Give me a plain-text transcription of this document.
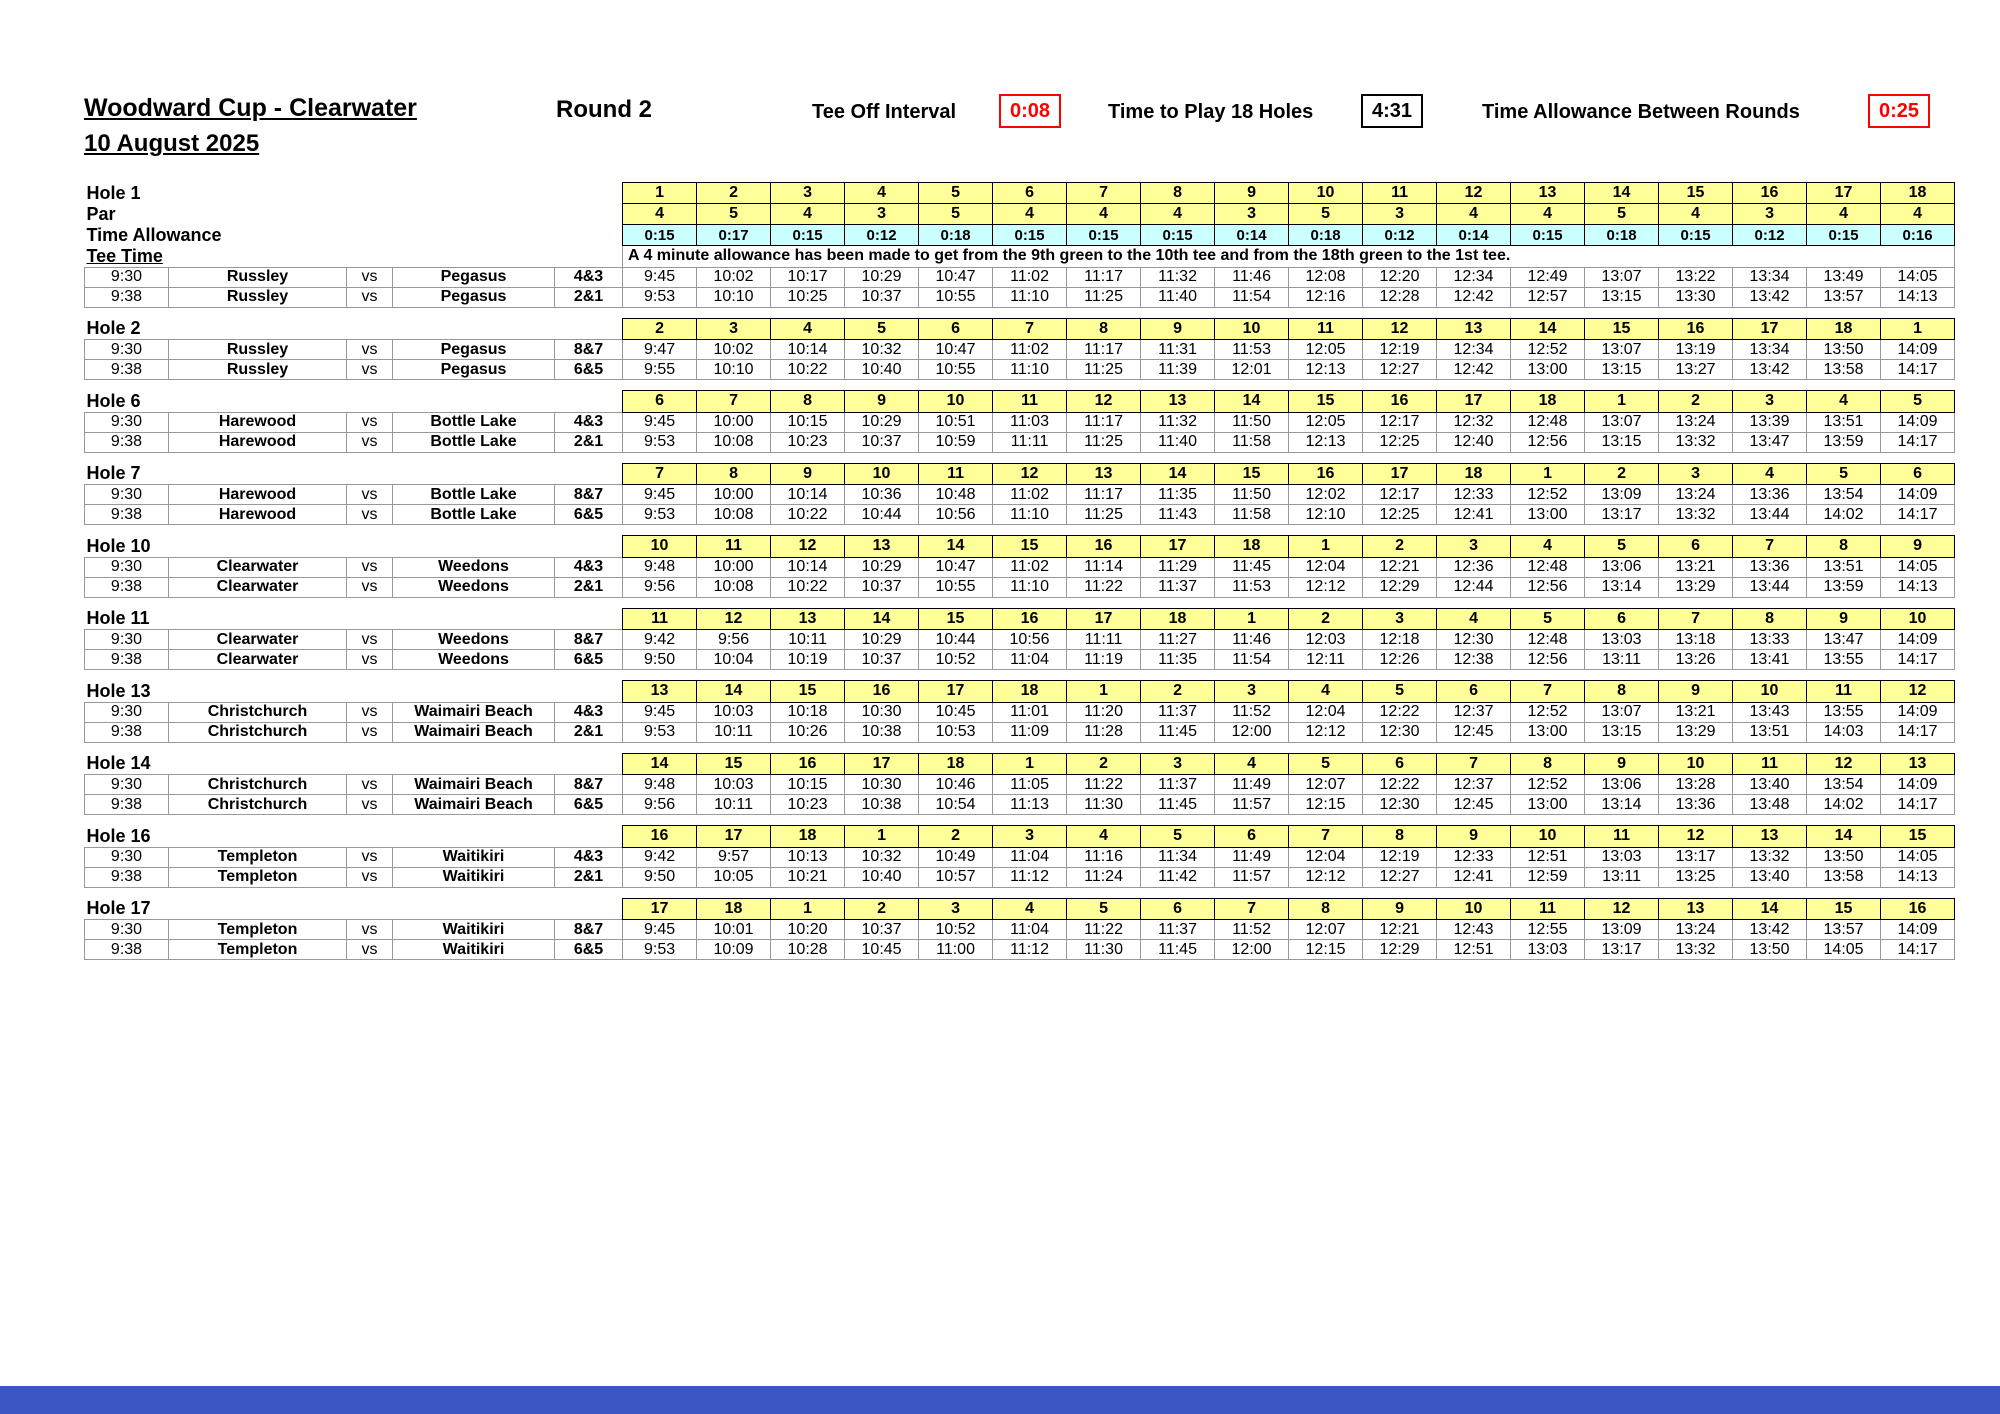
Woodward Cup - Clearwater
10 August 2025
Round 2	Tee Off Interval	0:08	Time to Play 18 Holes	4:31	Time Allowance Between Rounds	0:25
Hole 1					1	2	3	4	5	6	7	8	9	10	11	12	13	14	15	16	17	18
Par					4	5	4	3	5	4	4	4	3	5	3	4	4	5	4	3	4	4
Time Allowance					0:15	0:17	0:15	0:12	0:18	0:15	0:15	0:15	0:14	0:18	0:12	0:14	0:15	0:18	0:15	0:12	0:15	0:16
Tee Time					A 4 minute allowance has been made to get from the 9th green to the 10th tee and from the 18th green to the 1st tee.																	
9:30	Russley	vs	Pegasus	4&3	9:45	10:02	10:17	10:29	10:47	11:02	11:17	11:32	11:46	12:08	12:20	12:34	12:49	13:07	13:22	13:34	13:49	14:05
9:38	Russley	vs	Pegasus	2&1	9:53	10:10	10:25	10:37	10:55	11:10	11:25	11:40	11:54	12:16	12:28	12:42	12:57	13:15	13:30	13:42	13:57	14:13

Hole 2					2	3	4	5	6	7	8	9	10	11	12	13	14	15	16	17	18	1
9:30	Russley	vs	Pegasus	8&7	9:47	10:02	10:14	10:32	10:47	11:02	11:17	11:31	11:53	12:05	12:19	12:34	12:52	13:07	13:19	13:34	13:50	14:09
9:38	Russley	vs	Pegasus	6&5	9:55	10:10	10:22	10:40	10:55	11:10	11:25	11:39	12:01	12:13	12:27	12:42	13:00	13:15	13:27	13:42	13:58	14:17

Hole 6					6	7	8	9	10	11	12	13	14	15	16	17	18	1	2	3	4	5
9:30	Harewood	vs	Bottle Lake	4&3	9:45	10:00	10:15	10:29	10:51	11:03	11:17	11:32	11:50	12:05	12:17	12:32	12:48	13:07	13:24	13:39	13:51	14:09
9:38	Harewood	vs	Bottle Lake	2&1	9:53	10:08	10:23	10:37	10:59	11:11	11:25	11:40	11:58	12:13	12:25	12:40	12:56	13:15	13:32	13:47	13:59	14:17

Hole 7					7	8	9	10	11	12	13	14	15	16	17	18	1	2	3	4	5	6
9:30	Harewood	vs	Bottle Lake	8&7	9:45	10:00	10:14	10:36	10:48	11:02	11:17	11:35	11:50	12:02	12:17	12:33	12:52	13:09	13:24	13:36	13:54	14:09
9:38	Harewood	vs	Bottle Lake	6&5	9:53	10:08	10:22	10:44	10:56	11:10	11:25	11:43	11:58	12:10	12:25	12:41	13:00	13:17	13:32	13:44	14:02	14:17

Hole 10					10	11	12	13	14	15	16	17	18	1	2	3	4	5	6	7	8	9
9:30	Clearwater	vs	Weedons	4&3	9:48	10:00	10:14	10:29	10:47	11:02	11:14	11:29	11:45	12:04	12:21	12:36	12:48	13:06	13:21	13:36	13:51	14:05
9:38	Clearwater	vs	Weedons	2&1	9:56	10:08	10:22	10:37	10:55	11:10	11:22	11:37	11:53	12:12	12:29	12:44	12:56	13:14	13:29	13:44	13:59	14:13

Hole 11					11	12	13	14	15	16	17	18	1	2	3	4	5	6	7	8	9	10
9:30	Clearwater	vs	Weedons	8&7	9:42	9:56	10:11	10:29	10:44	10:56	11:11	11:27	11:46	12:03	12:18	12:30	12:48	13:03	13:18	13:33	13:47	14:09
9:38	Clearwater	vs	Weedons	6&5	9:50	10:04	10:19	10:37	10:52	11:04	11:19	11:35	11:54	12:11	12:26	12:38	12:56	13:11	13:26	13:41	13:55	14:17

Hole 13					13	14	15	16	17	18	1	2	3	4	5	6	7	8	9	10	11	12
9:30	Christchurch	vs	Waimairi Beach	4&3	9:45	10:03	10:18	10:30	10:45	11:01	11:20	11:37	11:52	12:04	12:22	12:37	12:52	13:07	13:21	13:43	13:55	14:09
9:38	Christchurch	vs	Waimairi Beach	2&1	9:53	10:11	10:26	10:38	10:53	11:09	11:28	11:45	12:00	12:12	12:30	12:45	13:00	13:15	13:29	13:51	14:03	14:17

Hole 14					14	15	16	17	18	1	2	3	4	5	6	7	8	9	10	11	12	13
9:30	Christchurch	vs	Waimairi Beach	8&7	9:48	10:03	10:15	10:30	10:46	11:05	11:22	11:37	11:49	12:07	12:22	12:37	12:52	13:06	13:28	13:40	13:54	14:09
9:38	Christchurch	vs	Waimairi Beach	6&5	9:56	10:11	10:23	10:38	10:54	11:13	11:30	11:45	11:57	12:15	12:30	12:45	13:00	13:14	13:36	13:48	14:02	14:17

Hole 16					16	17	18	1	2	3	4	5	6	7	8	9	10	11	12	13	14	15
9:30	Templeton	vs	Waitikiri	4&3	9:42	9:57	10:13	10:32	10:49	11:04	11:16	11:34	11:49	12:04	12:19	12:33	12:51	13:03	13:17	13:32	13:50	14:05
9:38	Templeton	vs	Waitikiri	2&1	9:50	10:05	10:21	10:40	10:57	11:12	11:24	11:42	11:57	12:12	12:27	12:41	12:59	13:11	13:25	13:40	13:58	14:13

Hole 17					17	18	1	2	3	4	5	6	7	8	9	10	11	12	13	14	15	16
9:30	Templeton	vs	Waitikiri	8&7	9:45	10:01	10:20	10:37	10:52	11:04	11:22	11:37	11:52	12:07	12:21	12:43	12:55	13:09	13:24	13:42	13:57	14:09
9:38	Templeton	vs	Waitikiri	6&5	9:53	10:09	10:28	10:45	11:00	11:12	11:30	11:45	12:00	12:15	12:29	12:51	13:03	13:17	13:32	13:50	14:05	14:17
